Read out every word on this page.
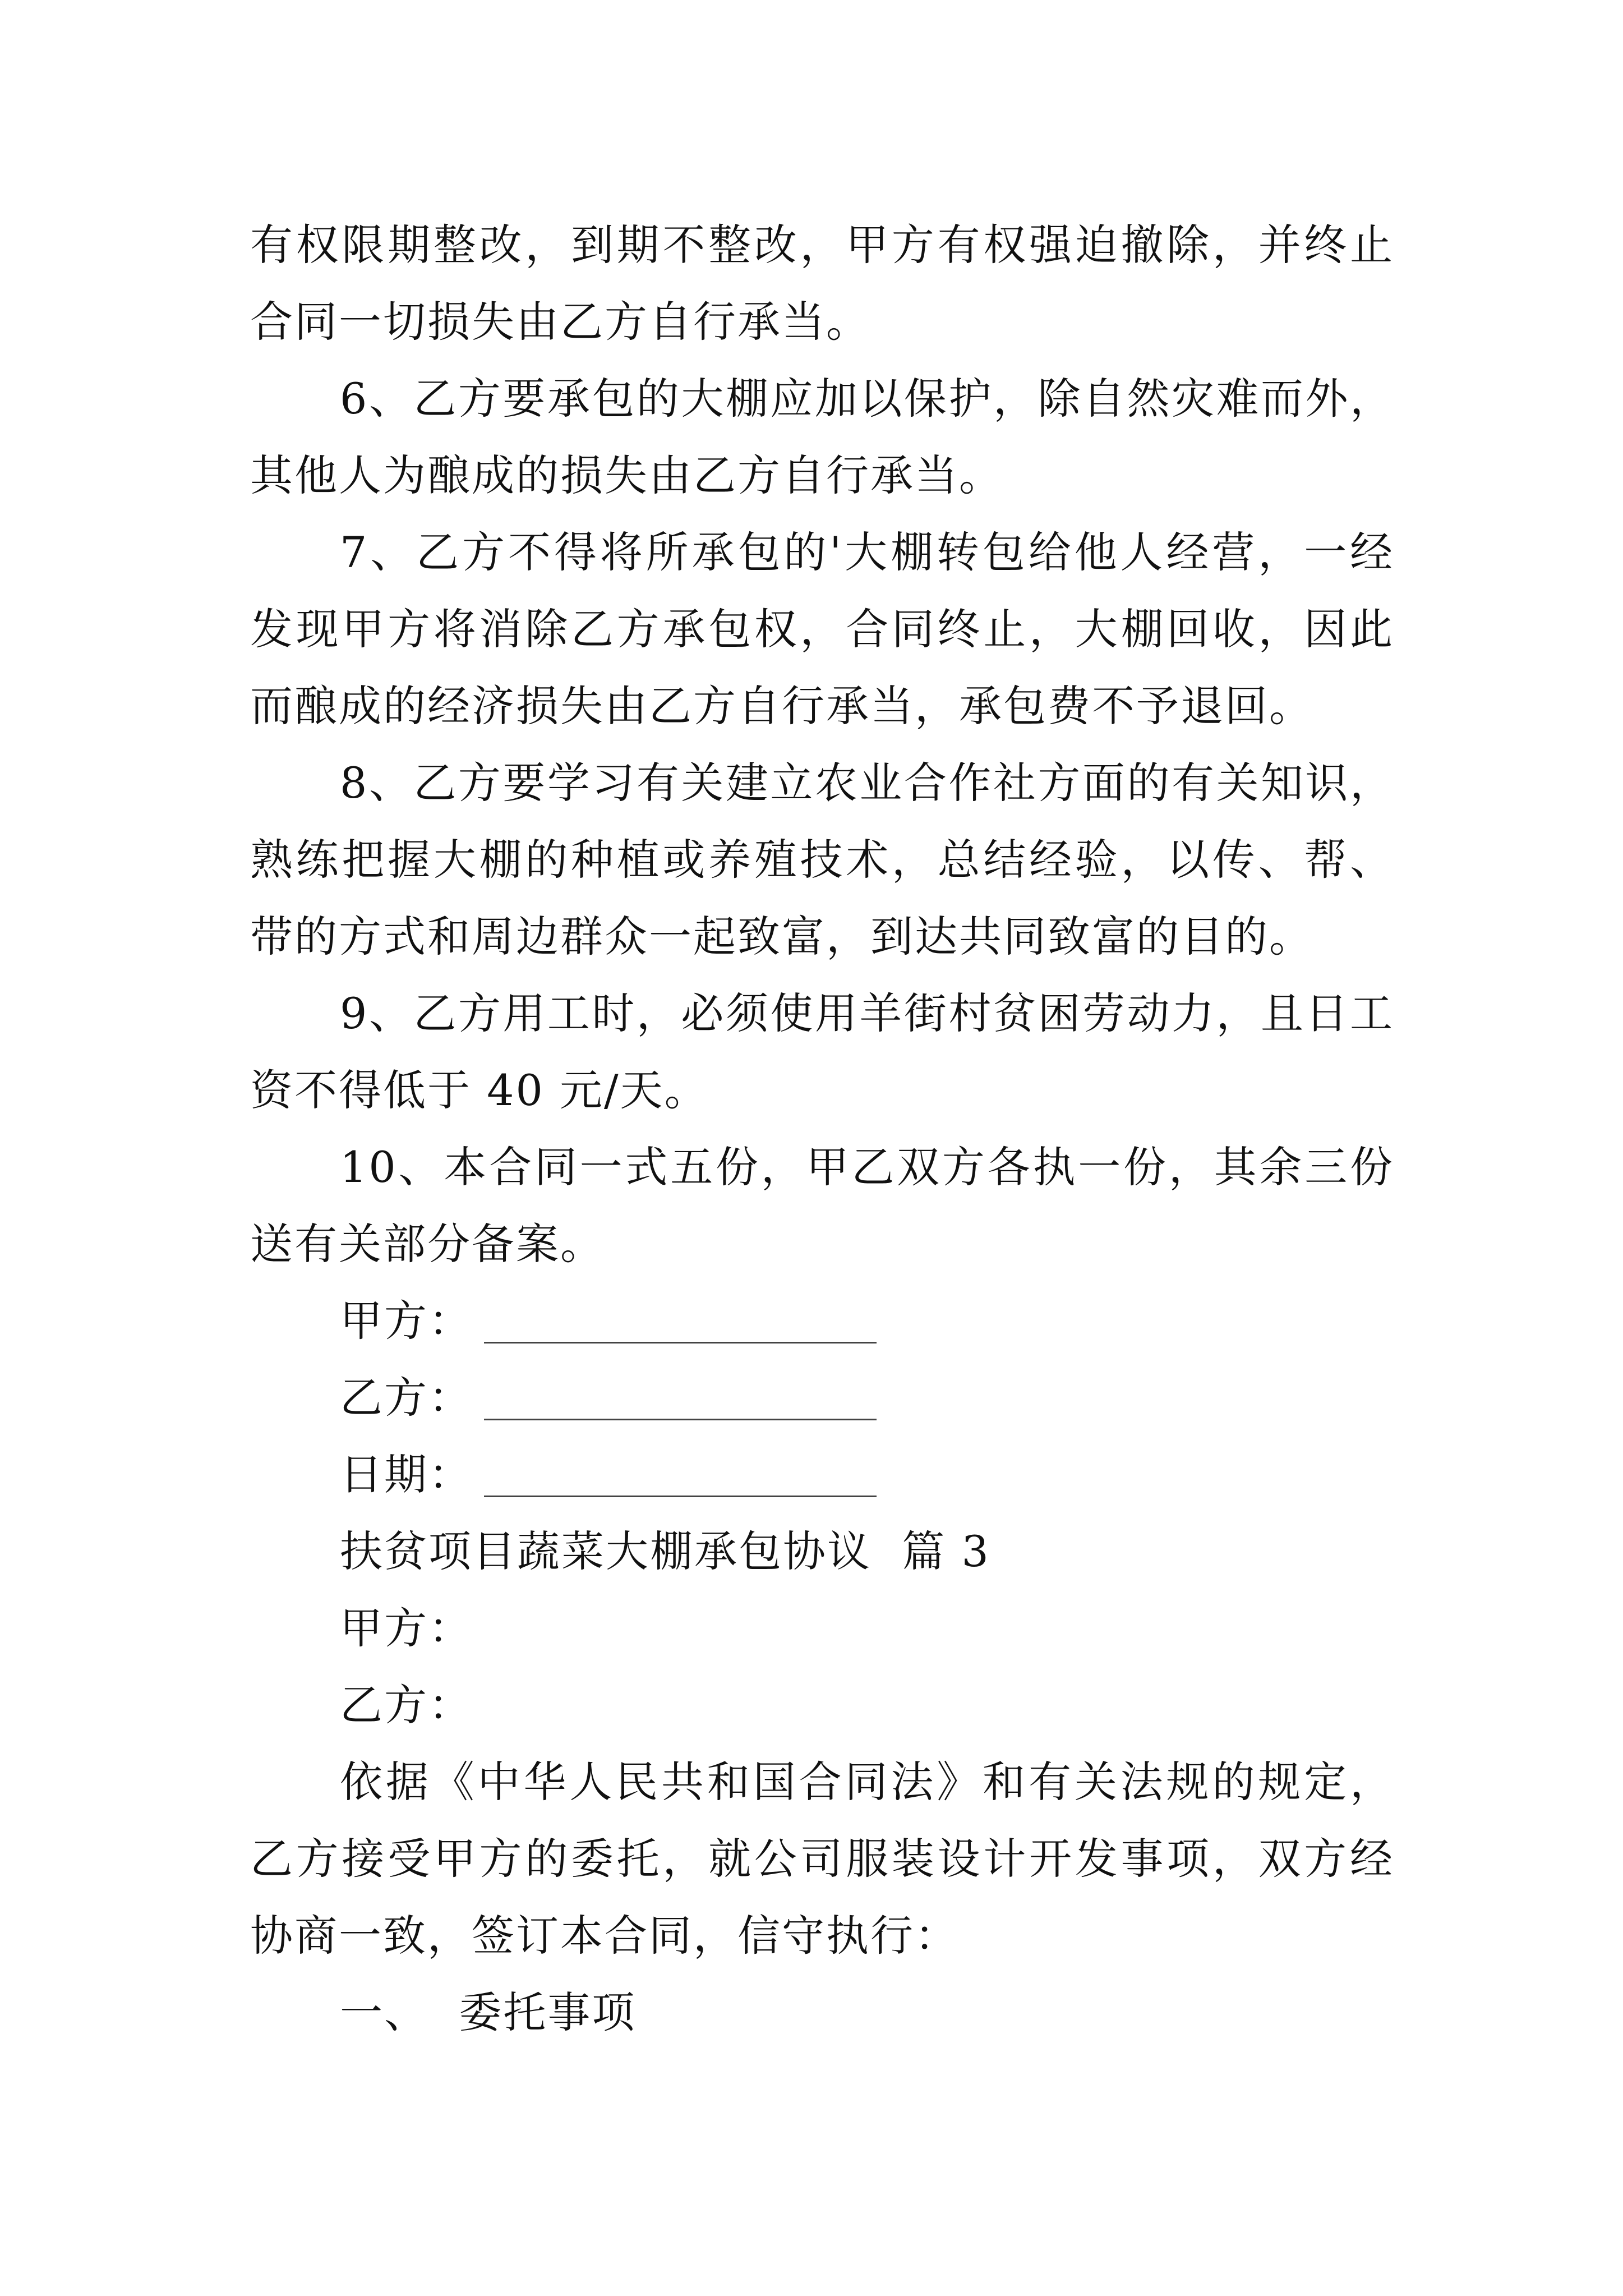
有权限期整改，到期不整改，甲方有权强迫撤除，并终止合同一切损失由乙方自行承当。

6、乙方要承包的大棚应加以保护，除自然灾难而外，其他人为酿成的损失由乙方自行承当。

7、乙方不得将所承包的'大棚转包给他人经营，一经发现甲方将消除乙方承包权，合同终止，大棚回收，因此而酿成的经济损失由乙方自行承当，承包费不予退回。

8、乙方要学习有关建立农业合作社方面的有关知识，熟练把握大棚的种植或养殖技术，总结经验，以传、帮、带的方式和周边群众一起致富，到达共同致富的目的。

9、乙方用工时，必须使用羊街村贫困劳动力，且日工资不得低于 40 元/天。

10、本合同一式五份，甲乙双方各执一份，其余三份送有关部分备案。

甲方：

乙方：

日期：

扶贫项目蔬菜大棚承包协议  篇 3

甲方：

乙方：

依据《中华人民共和国合同法》和有关法规的规定，乙方接受甲方的委托，就公司服装设计开发事项，双方经协商一致，签订本合同，信守执行：

一、  委托事项
